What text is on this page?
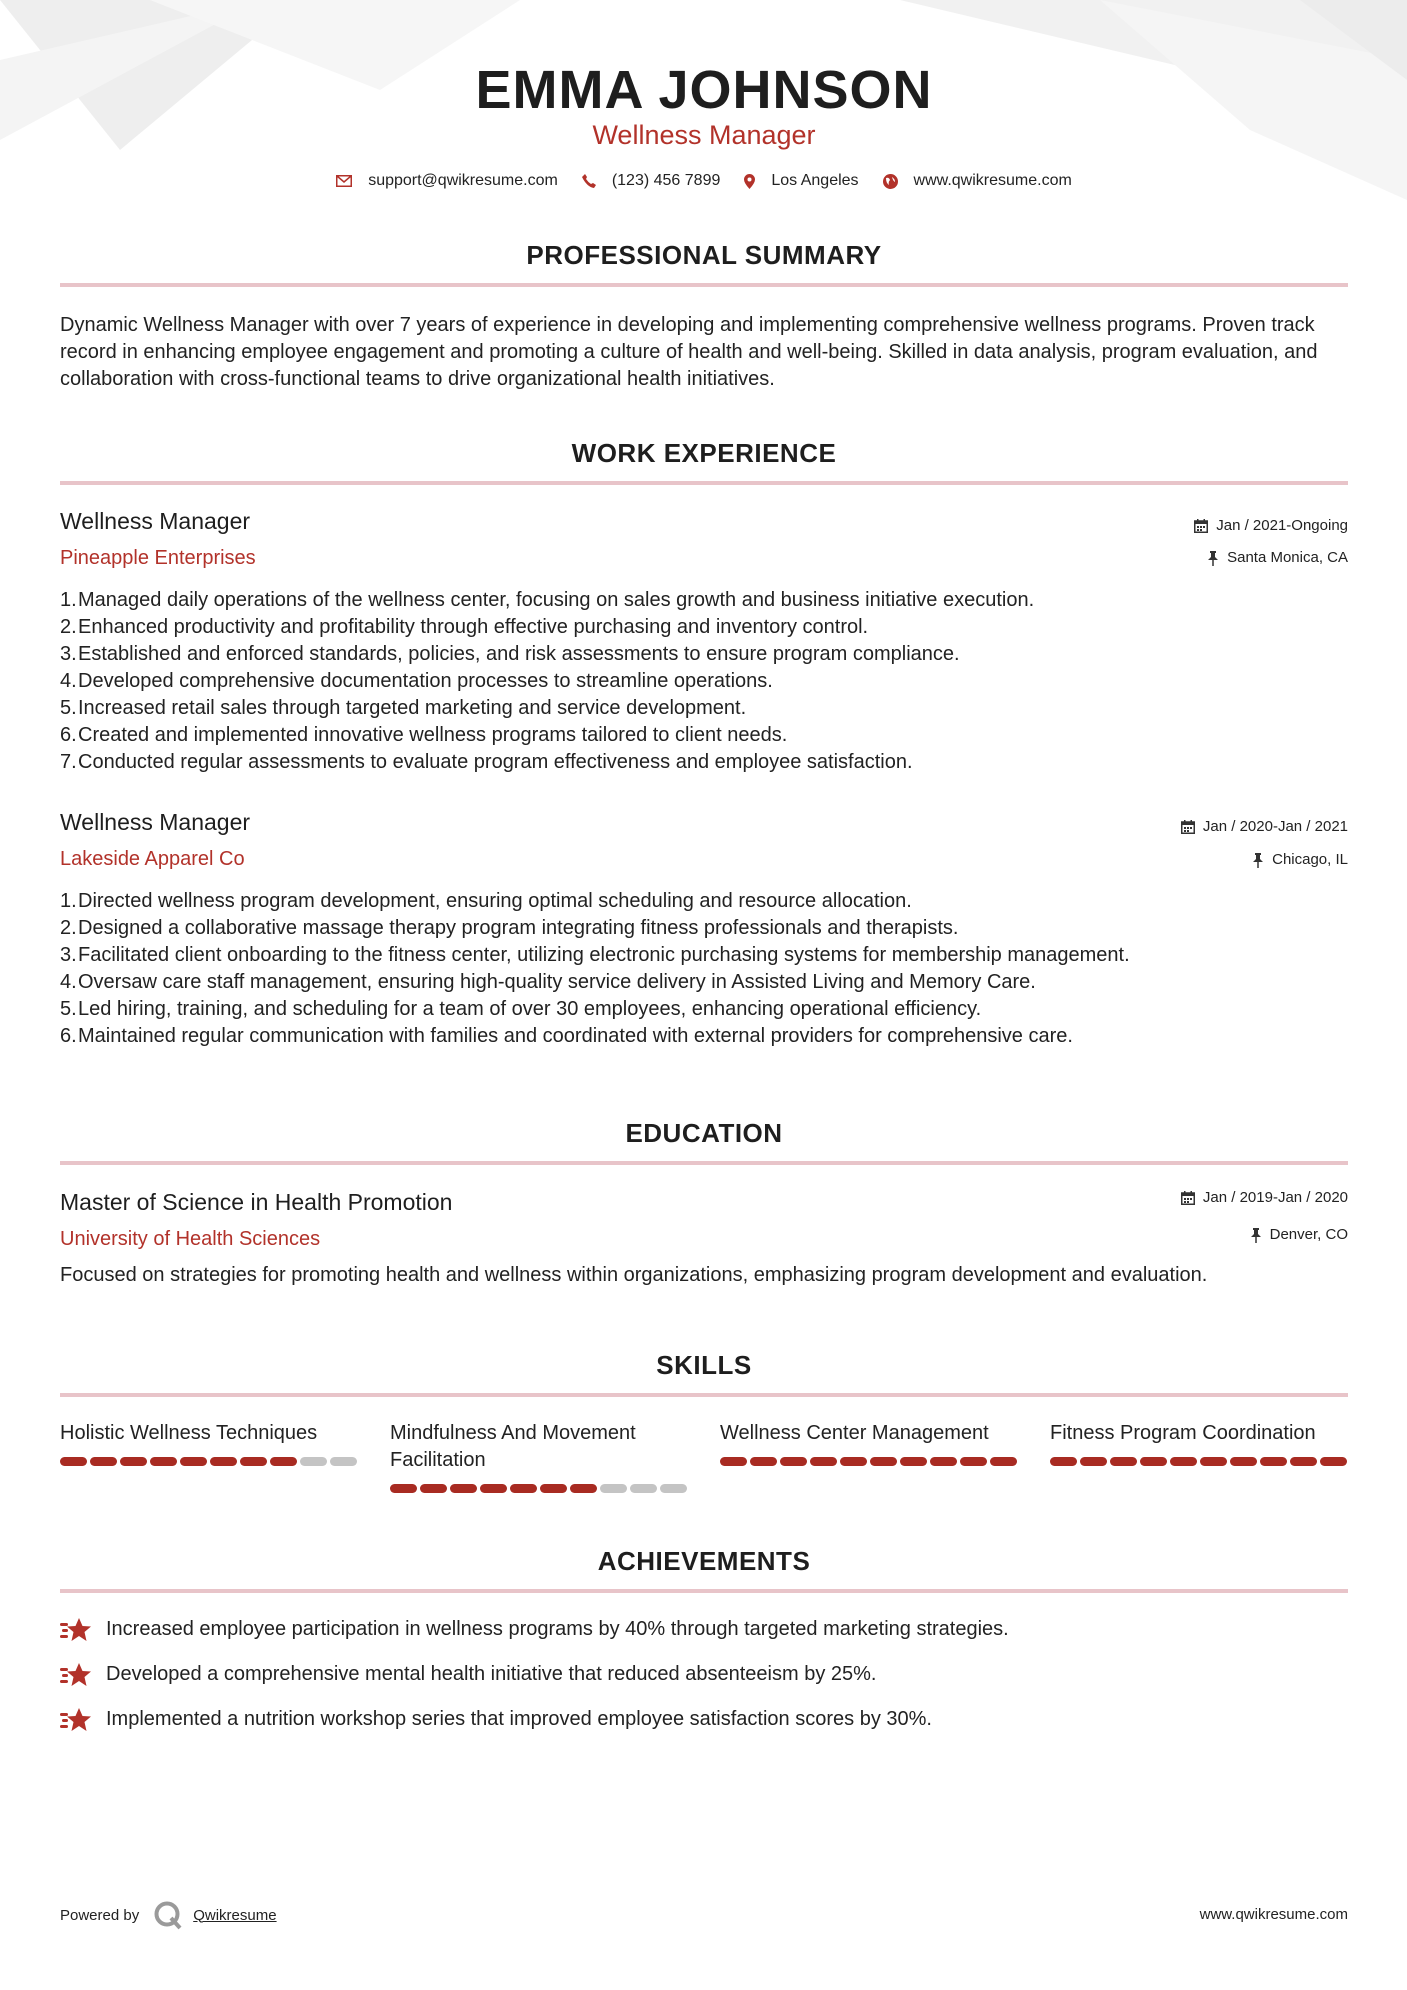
EMMA JOHNSON
Wellness Manager
support@qwikresume.com	(123) 456 7899	Los Angeles	www.qwikresume.com
PROFESSIONAL SUMMARY
Dynamic Wellness Manager with over 7 years of experience in developing and implementing comprehensive wellness programs. Proven track record in enhancing employee engagement and promoting a culture of health and well-being. Skilled in data analysis, program evaluation, and collaboration with cross-functional teams to drive organizational health initiatives.
WORK EXPERIENCE
Wellness Manager
Pineapple Enterprises
Jan / 2021-Ongoing
Santa Monica, CA
1. Managed daily operations of the wellness center, focusing on sales growth and business initiative execution.
2. Enhanced productivity and profitability through effective purchasing and inventory control.
3. Established and enforced standards, policies, and risk assessments to ensure program compliance.
4. Developed comprehensive documentation processes to streamline operations.
5. Increased retail sales through targeted marketing and service development.
6. Created and implemented innovative wellness programs tailored to client needs.
7. Conducted regular assessments to evaluate program effectiveness and employee satisfaction.
Wellness Manager
Lakeside Apparel Co
Jan / 2020-Jan / 2021
Chicago, IL
1. Directed wellness program development, ensuring optimal scheduling and resource allocation.
2. Designed a collaborative massage therapy program integrating fitness professionals and therapists.
3. Facilitated client onboarding to the fitness center, utilizing electronic purchasing systems for membership management.
4. Oversaw care staff management, ensuring high-quality service delivery in Assisted Living and Memory Care.
5. Led hiring, training, and scheduling for a team of over 30 employees, enhancing operational efficiency.
6. Maintained regular communication with families and coordinated with external providers for comprehensive care.
EDUCATION
Master of Science in Health Promotion
University of Health Sciences
Jan / 2019-Jan / 2020
Denver, CO
Focused on strategies for promoting health and wellness within organizations, emphasizing program development and evaluation.
SKILLS
Holistic Wellness Techniques	Mindfulness And Movement Facilitation
Wellness Center Management	Fitness Program Coordination
ACHIEVEMENTS
Increased employee participation in wellness programs by 40% through targeted marketing strategies.
Developed a comprehensive mental health initiative that reduced absenteeism by 25%.
Implemented a nutrition workshop series that improved employee satisfaction scores by 30%.
Powered by	Qwikresume	www.qwikresume.com
